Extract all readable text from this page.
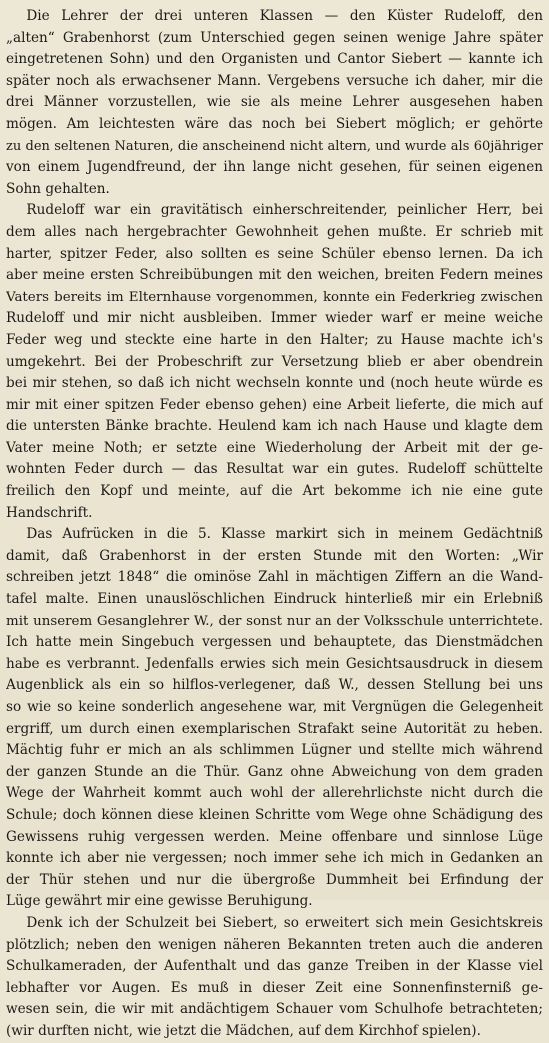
Die Lehrer der drei unteren Klassen — den Küster Rudeloff, den
„alten“ Grabenhorst (zum Unterschied gegen seinen wenige Jahre später
eingetretenen Sohn) und den Organisten und Cantor Siebert — kannte ich
später noch als erwachsener Mann. Vergebens versuche ich daher, mir die
drei Männer vorzustellen, wie sie als meine Lehrer ausgesehen haben
mögen. Am leichtesten wäre das noch bei Siebert möglich; er gehörte
zu den seltenen Naturen, die anscheinend nicht altern, und wurde als 60jähriger
von einem Jugendfreund, der ihn lange nicht gesehen, für seinen eigenen
Sohn gehalten.
Rudeloff war ein gravitätisch einherschreitender, peinlicher Herr, bei
dem alles nach hergebrachter Gewohnheit gehen mußte. Er schrieb mit
harter, spitzer Feder, also sollten es seine Schüler ebenso lernen. Da ich
aber meine ersten Schreibübungen mit den weichen, breiten Federn meines
Vaters bereits im Elternhause vorgenommen, konnte ein Federkrieg zwischen
Rudeloff und mir nicht ausbleiben. Immer wieder warf er meine weiche
Feder weg und steckte eine harte in den Halter; zu Hause machte ich's
umgekehrt. Bei der Probeschrift zur Versetzung blieb er aber obendrein
bei mir stehen, so daß ich nicht wechseln konnte und (noch heute würde es
mir mit einer spitzen Feder ebenso gehen) eine Arbeit lieferte, die mich auf
die untersten Bänke brachte. Heulend kam ich nach Hause und klagte dem
Vater meine Noth; er setzte eine Wiederholung der Arbeit mit der ge-
wohnten Feder durch — das Resultat war ein gutes. Rudeloff schüttelte
freilich den Kopf und meinte, auf die Art bekomme ich nie eine gute
Handschrift.
Das Aufrücken in die 5. Klasse markirt sich in meinem Gedächtniß
damit, daß Grabenhorst in der ersten Stunde mit den Worten: „Wir
schreiben jetzt 1848“ die ominöse Zahl in mächtigen Ziffern an die Wand-
tafel malte. Einen unauslöschlichen Eindruck hinterließ mir ein Erlebniß
mit unserem Gesanglehrer W., der sonst nur an der Volksschule unterrichtete.
Ich hatte mein Singebuch vergessen und behauptete, das Dienstmädchen
habe es verbrannt. Jedenfalls erwies sich mein Gesichtsausdruck in diesem
Augenblick als ein so hilflos-verlegener, daß W., dessen Stellung bei uns
so wie so keine sonderlich angesehene war, mit Vergnügen die Gelegenheit
ergriff, um durch einen exemplarischen Strafakt seine Autorität zu heben.
Mächtig fuhr er mich an als schlimmen Lügner und stellte mich während
der ganzen Stunde an die Thür. Ganz ohne Abweichung von dem graden
Wege der Wahrheit kommt auch wohl der allerehrlichste nicht durch die
Schule; doch können diese kleinen Schritte vom Wege ohne Schädigung des
Gewissens ruhig vergessen werden. Meine offenbare und sinnlose Lüge
konnte ich aber nie vergessen; noch immer sehe ich mich in Gedanken an
der Thür stehen und nur die übergroße Dummheit bei Erfindung der
Lüge gewährt mir eine gewisse Beruhigung.
Denk ich der Schulzeit bei Siebert, so erweitert sich mein Gesichtskreis
plötzlich; neben den wenigen näheren Bekannten treten auch die anderen
Schulkameraden, der Aufenthalt und das ganze Treiben in der Klasse viel
lebhafter vor Augen. Es muß in dieser Zeit eine Sonnenfinsterniß ge-
wesen sein, die wir mit andächtigem Schauer vom Schulhofe betrachteten;
(wir durften nicht, wie jetzt die Mädchen, auf dem Kirchhof spielen).
